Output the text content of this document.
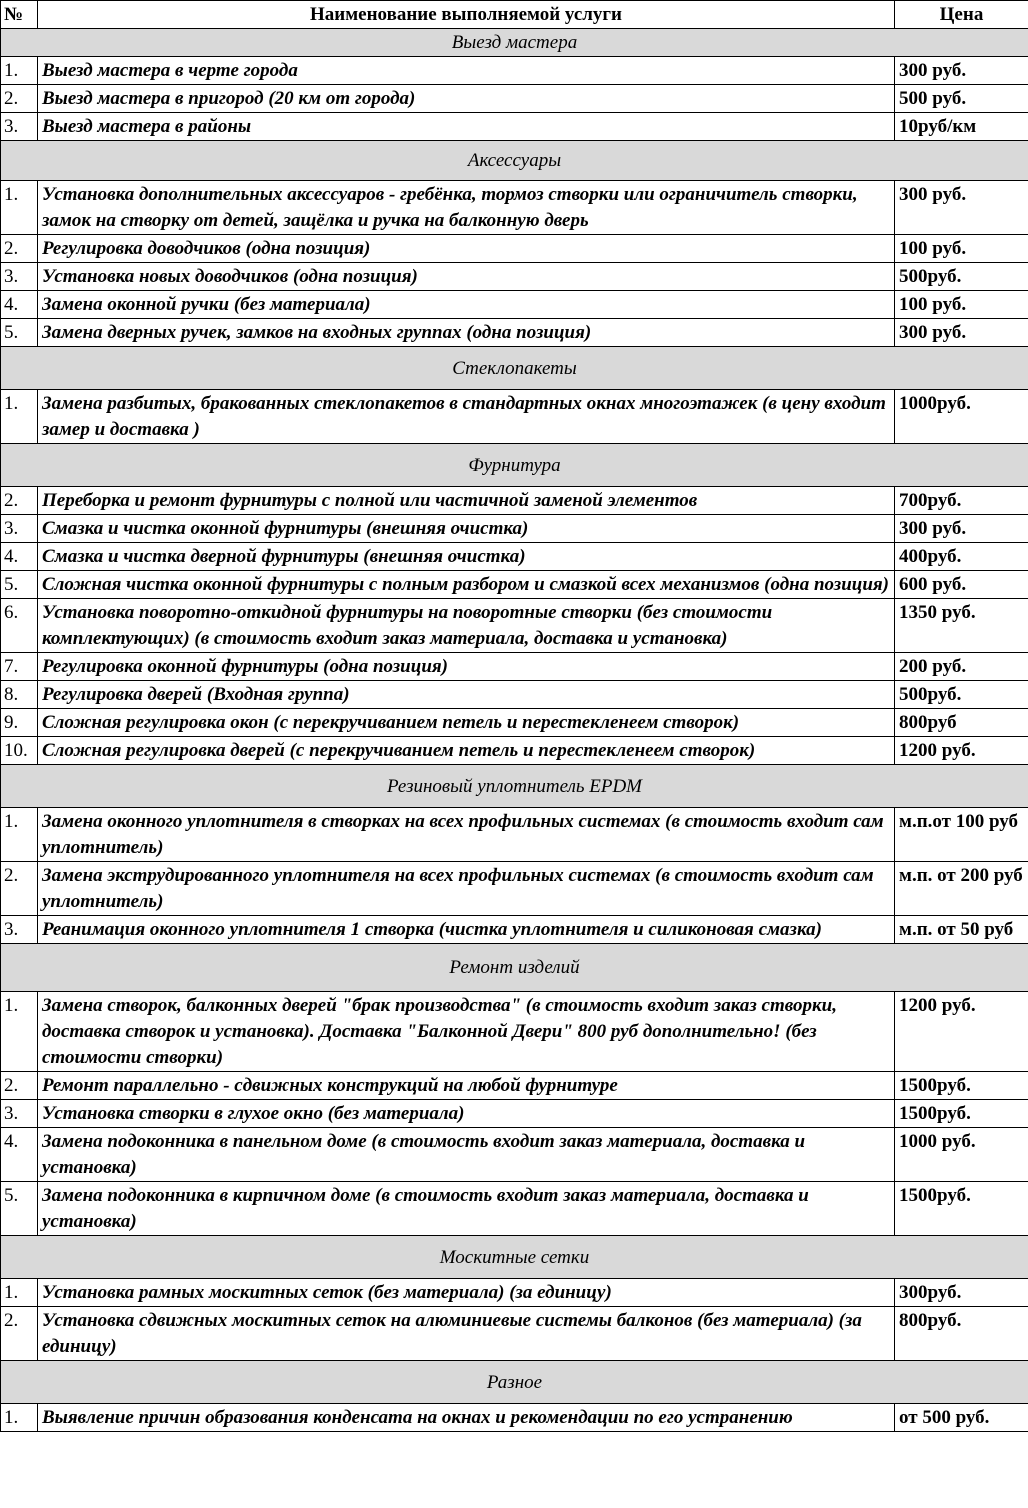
№	Наименование выполняемой услуги	Цена
Выезд мастера		
1.	Выезд мастера в черте города	300 руб.
2.	Выезд мастера в пригород (20 км от города)	500 руб.
3.	Выезд мастера в районы	10руб/км
Аксессуары		
1.	Установка дополнительных аксессуаров - гребёнка, тормоз створки или ограничитель створки, замок на створку от детей, защёлка и ручка на балконную дверь	300 руб.
2.	Регулировка доводчиков (одна позиция)	100 руб.
3.	Установка новых доводчиков (одна позиция)	500руб.
4.	Замена оконной ручки (без материала)	100 руб.
5.	Замена дверных ручек, замков на входных группах (одна позиция)	300 руб.
Стеклопакеты		
1.	Замена разбитых, бракованных стеклопакетов в стандартных окнах многоэтажек (в цену входит замер и доставка )	1000руб.
Фурнитура		
2.	Переборка и ремонт фурнитуры с полной или частичной заменой элементов	700руб.
3.	Смазка и чистка оконной фурнитуры (внешняя очистка)	300 руб.
4.	Смазка и чистка дверной фурнитуры (внешняя очистка)	400руб.
5.	Сложная чистка оконной фурнитуры с полным разбором и смазкой всех механизмов (одна позиция)	600 руб.
6.	Установка поворотно-откидной фурнитуры на поворотные створки (без стоимости комплектующих) (в стоимость входит заказ материала, доставка и установка)	1350 руб.
7.	Регулировка оконной фурнитуры (одна позиция)	200 руб.
8.	Регулировка дверей (Входная группа)	500руб.
9.	Сложная регулировка окон (с перекручиванием петель и перестекленеем створок)	800руб
10.	Сложная регулировка дверей (с перекручиванием петель и перестекленеем створок)	1200 руб.
Резиновый уплотнитель EPDM		
1.	Замена оконного уплотнителя в створках на всех профильных системах (в стоимость входит сам уплотнитель)	м.п.от 100 руб
2.	Замена экструдированного уплотнителя на всех профильных системах (в стоимость входит сам уплотнитель)	м.п. от 200 руб
3.	Реанимация оконного уплотнителя 1 створка (чистка уплотнителя и силиконовая смазка)	м.п. от 50 руб
Ремонт изделий		
1.	Замена створок, балконных дверей "брак производства" (в стоимость входит заказ створки, доставка створок и установка). Доставка "Балконной Двери" 800 руб дополнительно! (без стоимости створки)	1200 руб.
2.	Ремонт параллельно - сдвижных конструкций на любой фурнитуре	1500руб.
3.	Установка створки в глухое окно (без материала)	1500руб.
4.	Замена подоконника в панельном доме (в стоимость входит заказ материала, доставка и установка)	1000 руб.
5.	Замена подоконника в кирпичном доме (в стоимость входит заказ материала, доставка и установка)	1500руб.
Москитные сетки		
1.	Установка рамных москитных сеток (без материала) (за единицу)	300руб.
2.	Установка сдвижных москитных сеток на алюминиевые системы балконов (без материала) (за единицу)	800руб.
Разное		
1.	Выявление причин образования конденсата на окнах и рекомендации по его устранению	от 500 руб.
